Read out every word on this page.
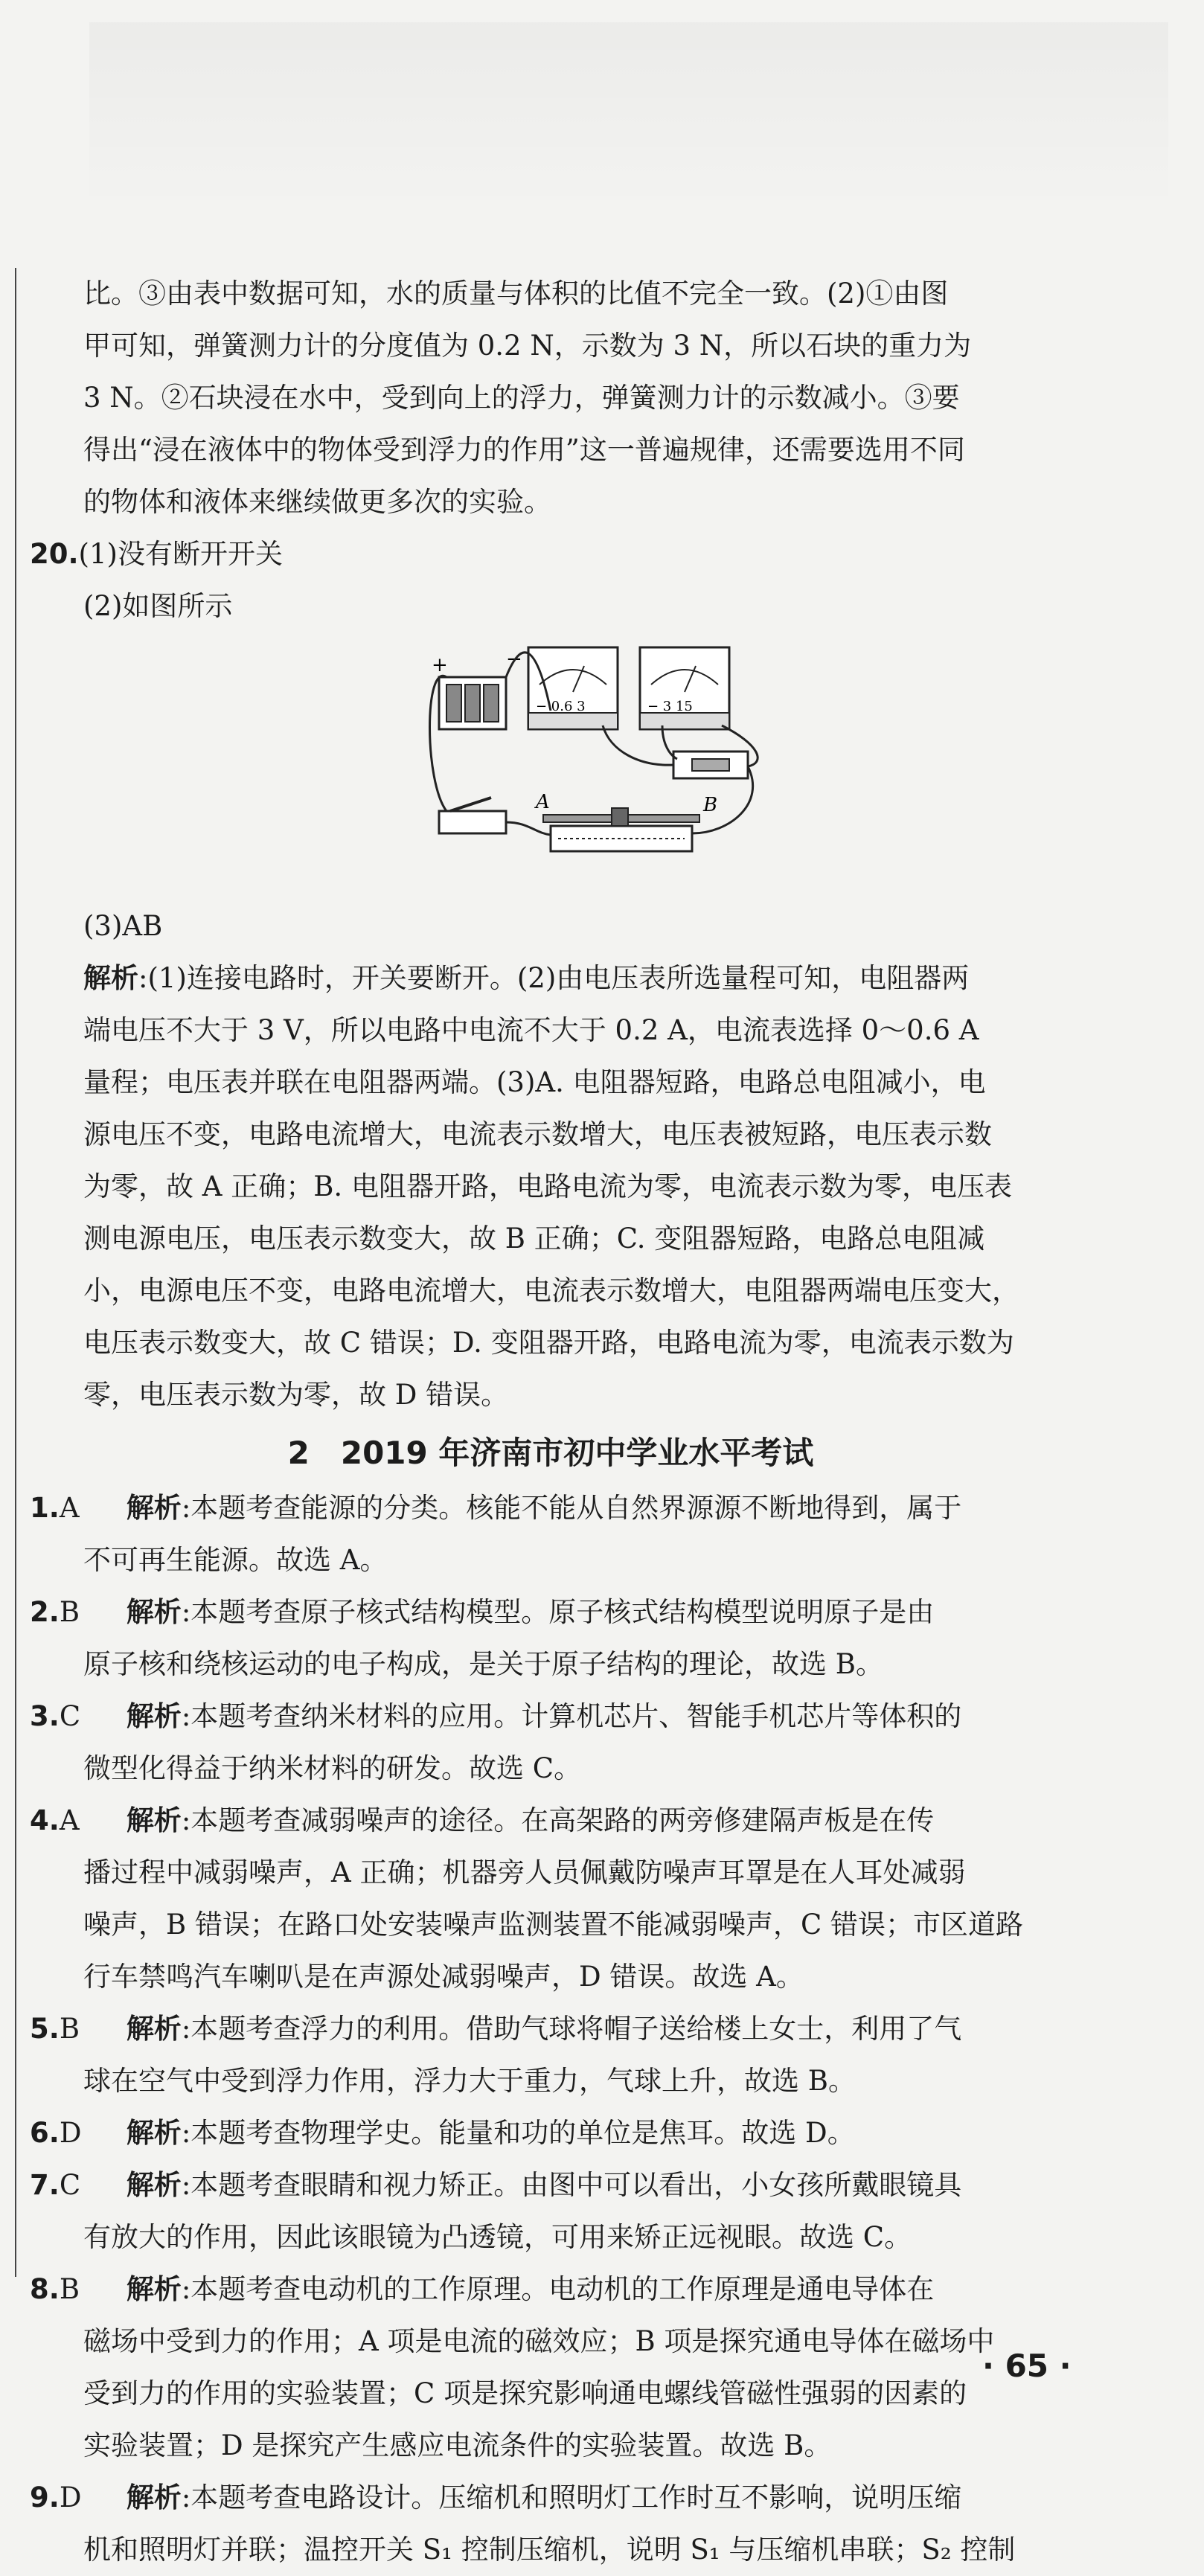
比。③由表中数据可知，水的质量与体积的比值不完全一致。(2)①由图

甲可知，弹簧测力计的分度值为 0.2 N，示数为 3 N，所以石块的重力为

3 N。②石块浸在水中，受到向上的浮力，弹簧测力计的示数减小。③要

得出“浸在液体中的物体受到浮力的作用”这一普遍规律，还需要选用不同

的物体和液体来继续做更多次的实验。

20.(1)没有断开开关

(2)如图所示

+	−
− 0.6 3	− 3 15
A	B

(3)AB

解析:(1)连接电路时，开关要断开。(2)由电压表所选量程可知，电阻器两

端电压不大于 3 V，所以电路中电流不大于 0.2 A，电流表选择 0～0.6 A

量程；电压表并联在电阻器两端。(3)A. 电阻器短路，电路总电阻减小，电

源电压不变，电路电流增大，电流表示数增大，电压表被短路，电压表示数

为零，故 A 正确；B. 电阻器开路，电路电流为零，电流表示数为零，电压表

测电源电压，电压表示数变大，故 B 正确；C. 变阻器短路，电路总电阻减

小，电源电压不变，电路电流增大，电流表示数增大，电阻器两端电压变大，

电压表示数变大，故 C 错误；D. 变阻器开路，电路电流为零，电流表示数为

零，电压表示数为零，故 D 错误。

2　2019 年济南市初中学业水平考试

1.A 解析:本题考查能源的分类。核能不能从自然界源源不断地得到，属于

不可再生能源。故选 A。

2.B 解析:本题考查原子核式结构模型。原子核式结构模型说明原子是由

原子核和绕核运动的电子构成，是关于原子结构的理论，故选 B。

3.C 解析:本题考查纳米材料的应用。计算机芯片、智能手机芯片等体积的

微型化得益于纳米材料的研发。故选 C。

4.A 解析:本题考查减弱噪声的途径。在高架路的两旁修建隔声板是在传

播过程中减弱噪声，A 正确；机器旁人员佩戴防噪声耳罩是在人耳处减弱

噪声，B 错误；在路口处安装噪声监测装置不能减弱噪声，C 错误；市区道路

行车禁鸣汽车喇叭是在声源处减弱噪声，D 错误。故选 A。

5.B 解析:本题考查浮力的利用。借助气球将帽子送给楼上女士，利用了气

球在空气中受到浮力作用，浮力大于重力，气球上升，故选 B。

6.D 解析:本题考查物理学史。能量和功的单位是焦耳。故选 D。

7.C 解析:本题考查眼睛和视力矫正。由图中可以看出，小女孩所戴眼镜具

有放大的作用，因此该眼镜为凸透镜，可用来矫正远视眼。故选 C。

8.B 解析:本题考查电动机的工作原理。电动机的工作原理是通电导体在

磁场中受到力的作用；A 项是电流的磁效应；B 项是探究通电导体在磁场中

受到力的作用的实验装置；C 项是探究影响通电螺线管磁性强弱的因素的

实验装置；D 是探究产生感应电流条件的实验装置。故选 B。

9.D 解析:本题考查电路设计。压缩机和照明灯工作时互不影响，说明压缩

机和照明灯并联；温控开关 S₁ 控制压缩机，说明 S₁ 与压缩机串联；S₂ 控制

· 65 ·
